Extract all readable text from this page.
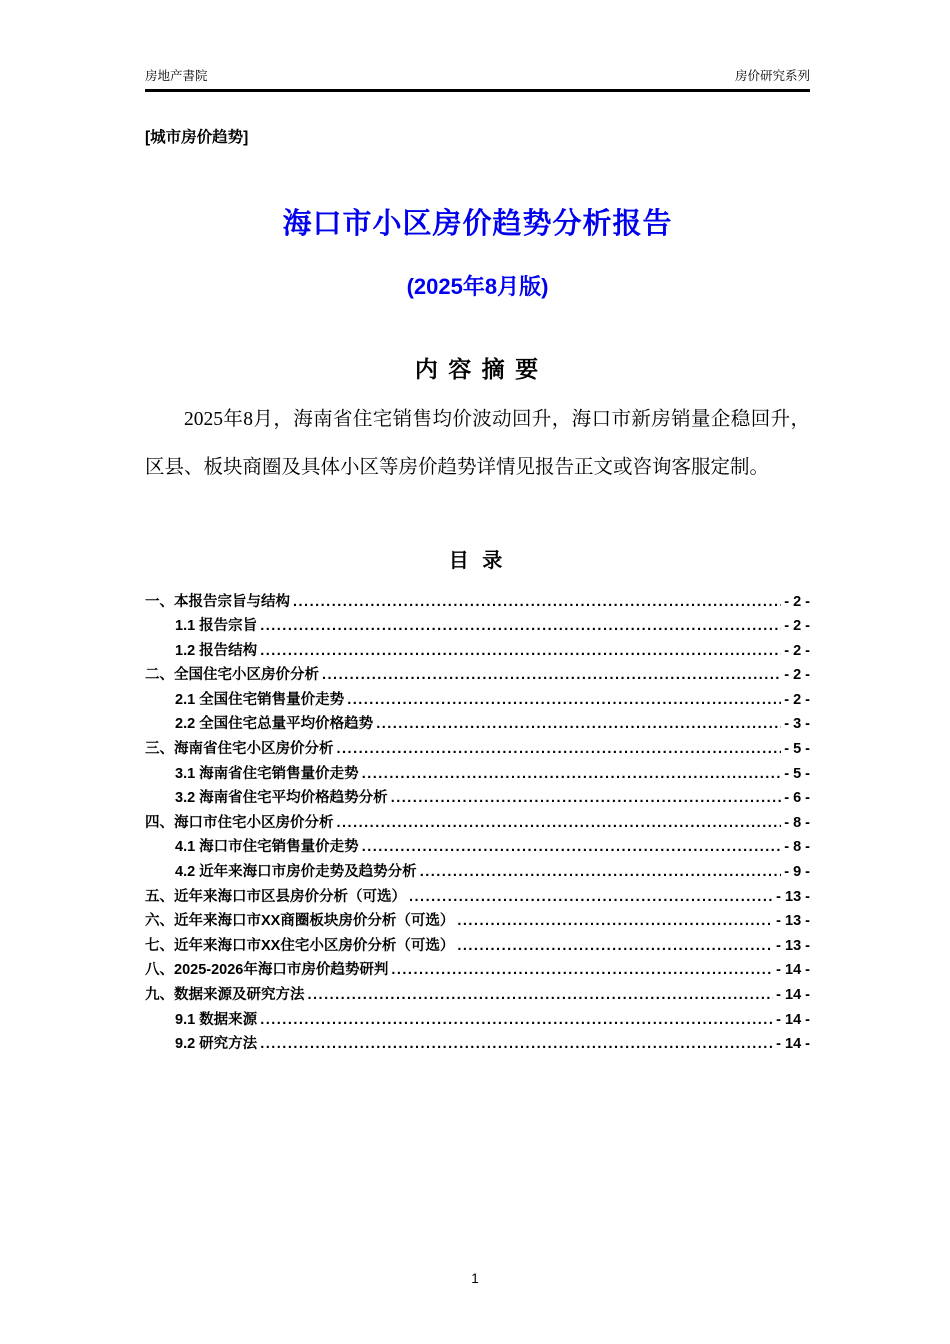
房地产書院	房价研究系列
[城市房价趋势]
海口市小区房价趋势分析报告
(2025年8月版)
内 容 摘 要
2025年8月，海南省住宅销售均价波动回升，海口市新房销量企稳回升，区县、板块商圈及具体小区等房价趋势详情见报告正文或咨询客服定制。
目 录
一、本报告宗旨与结构 .....	- 2 -
1.1 报告宗旨 .....	- 2 -
1.2 报告结构 .....	- 2 -
二、全国住宅小区房价分析 .....	- 2 -
2.1 全国住宅销售量价走势 .....	- 2 -
2.2 全国住宅总量平均价格趋势 .....	- 3 -
三、海南省住宅小区房价分析 .....	- 5 -
3.1 海南省住宅销售量价走势 .....	- 5 -
3.2 海南省住宅平均价格趋势分析 .....	- 6 -
四、海口市住宅小区房价分析 .....	- 8 -
4.1 海口市住宅销售量价走势 .....	- 8 -
4.2 近年来海口市房价走势及趋势分析 .....	- 9 -
五、近年来海口市区县房价分析（可选） .....	- 13 -
六、近年来海口市XX商圈板块房价分析（可选） .....	- 13 -
七、近年来海口市XX住宅小区房价分析（可选） .....	- 13 -
八、2025-2026年海口市房价趋势研判 .....	- 14 -
九、数据来源及研究方法 .....	- 14 -
9.1 数据来源 .....	- 14 -
9.2 研究方法 .....	- 14 -
1
